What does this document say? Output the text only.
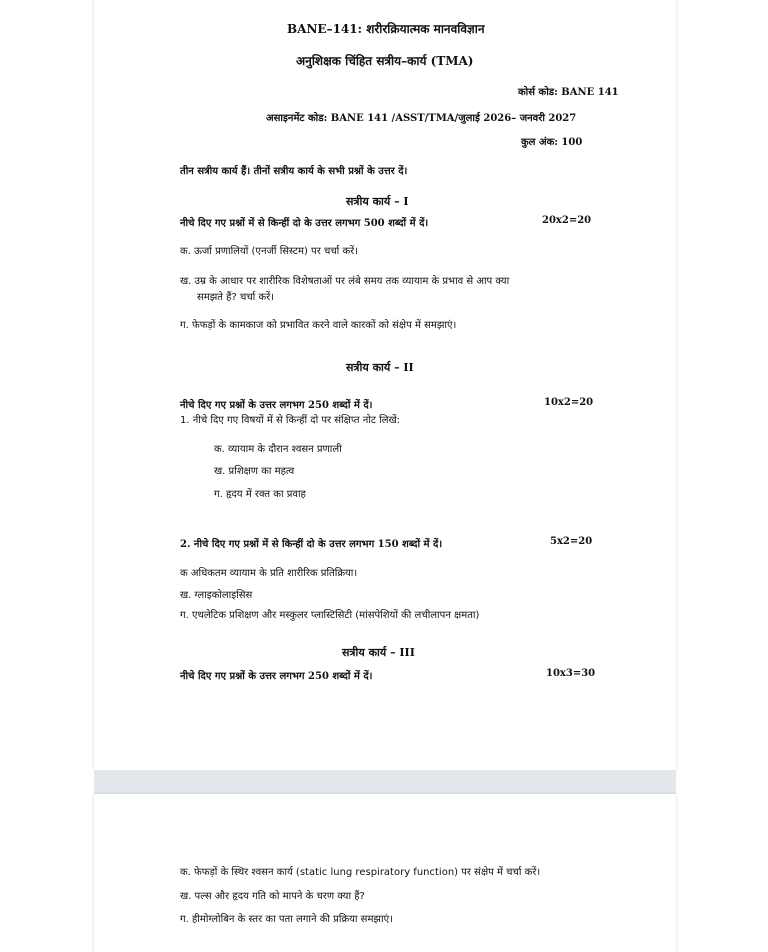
BANE–141: शरीरक्रियात्मक मानवविज्ञान

अनुशिक्षक चिंहित सत्रीय–कार्य (TMA)

कोर्स कोड: BANE 141

असाइनमेंट कोड: BANE 141 /ASST/TMA/जुलाई 2026– जनवरी 2027

कुल अंक: 100

तीन सत्रीय कार्य हैं। तीनों सत्रीय कार्य के सभी प्रश्नों के उत्तर दें।

सत्रीय कार्य – I

नीचे दिए गए प्रश्नों में से किन्हीं दो के उत्तर लगभग 500 शब्दों में दें।	20x2=20

क. ऊर्जा प्रणालियों (एनर्जी सिस्टम) पर चर्चा करें।

ख. उम्र के आधार पर शारीरिक विशेषताओं पर लंबे समय तक व्यायाम के प्रभाव से आप क्या

समझते हैं? चर्चा करें।

ग. फेफड़ों के कामकाज को प्रभावित करने वाले कारकों को संक्षेप में समझाएं।

सत्रीय कार्य – II

नीचे दिए गए प्रश्नों के उत्तर लगभग 250 शब्दों में दें।	10x2=20

1. नीचे दिए गए विषयों में से किन्हीं दो पर संक्षिप्त नोट लिखें:

क. व्यायाम के दौरान श्वसन प्रणाली

ख. प्रशिक्षण का महत्व

ग. हृदय में रक्त का प्रवाह

2. नीचे दिए गए प्रश्नों में से किन्हीं दो के उत्तर लगभग 150 शब्दों में दें।	5x2=20

क अधिकतम व्यायाम के प्रति शारीरिक प्रतिक्रिया।

ख. ग्लाइकोलाइसिस

ग. एथलेटिक प्रशिक्षण और मस्कुलर प्लास्टिसिटी (मांसपेशियों की लचीलापन क्षमता)

सत्रीय कार्य – III

नीचे दिए गए प्रश्नों के उत्तर लगभग 250 शब्दों में दें।	10x3=30

क. फेफड़ों के स्थिर श्वसन कार्य (static lung respiratory function) पर संक्षेप में चर्चा करें।

ख. पल्स और हृदय गति को मापने के चरण क्या हैं?

ग. हीमोग्लोबिन के स्तर का पता लगाने की प्रक्रिया समझाएं।
